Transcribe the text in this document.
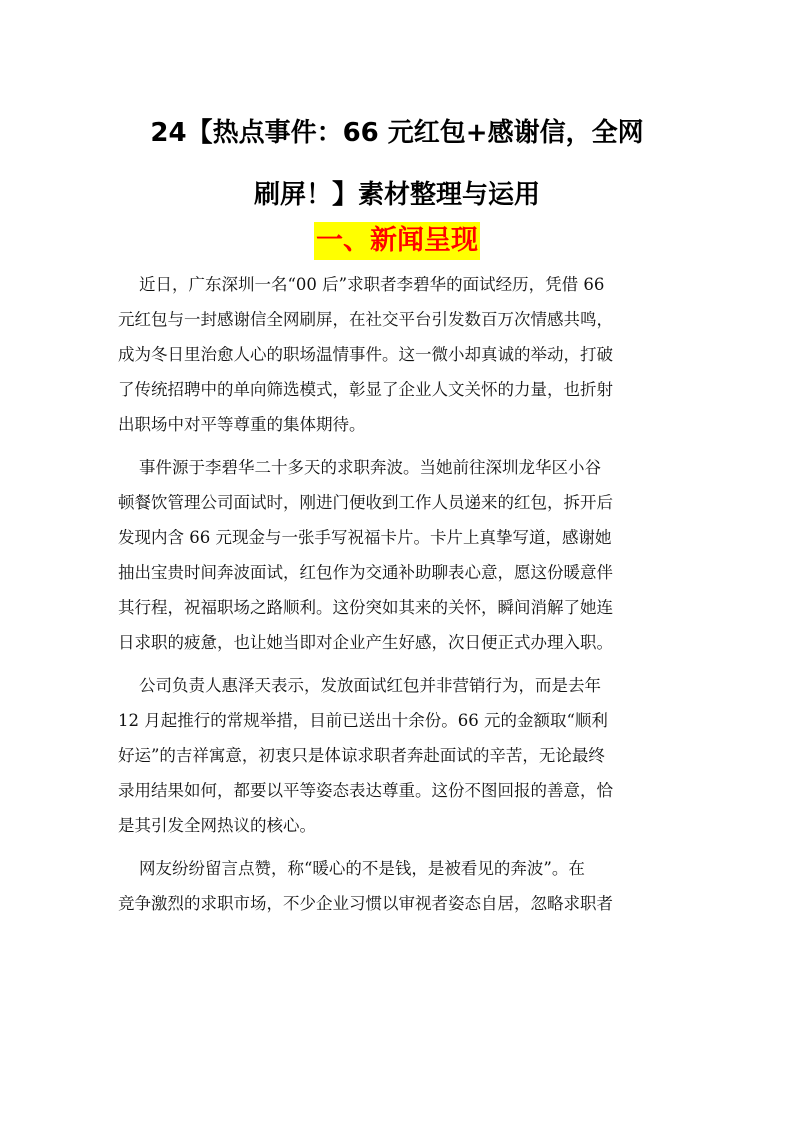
24【热点事件：66 元红包+感谢信，全网
刷屏！】素材整理与运用
一、新闻呈现
近日，广东深圳一名“00 后”求职者李碧华的面试经历，凭借 66
元红包与一封感谢信全网刷屏，在社交平台引发数百万次情感共鸣，
成为冬日里治愈人心的职场温情事件。这一微小却真诚的举动，打破
了传统招聘中的单向筛选模式，彰显了企业人文关怀的力量，也折射
出职场中对平等尊重的集体期待。
事件源于李碧华二十多天的求职奔波。当她前往深圳龙华区小谷
顿餐饮管理公司面试时，刚进门便收到工作人员递来的红包，拆开后
发现内含 66 元现金与一张手写祝福卡片。卡片上真挚写道，感谢她
抽出宝贵时间奔波面试，红包作为交通补助聊表心意，愿这份暖意伴
其行程，祝福职场之路顺利。这份突如其来的关怀，瞬间消解了她连
日求职的疲惫，也让她当即对企业产生好感，次日便正式办理入职。
公司负责人惠泽天表示，发放面试红包并非营销行为，而是去年
12 月起推行的常规举措，目前已送出十余份。66 元的金额取“顺利
好运”的吉祥寓意，初衷只是体谅求职者奔赴面试的辛苦，无论最终
录用结果如何，都要以平等姿态表达尊重。这份不图回报的善意，恰
是其引发全网热议的核心。
网友纷纷留言点赞，称“暖心的不是钱，是被看见的奔波”。在
竞争激烈的求职市场，不少企业习惯以审视者姿态自居，忽略求职者
